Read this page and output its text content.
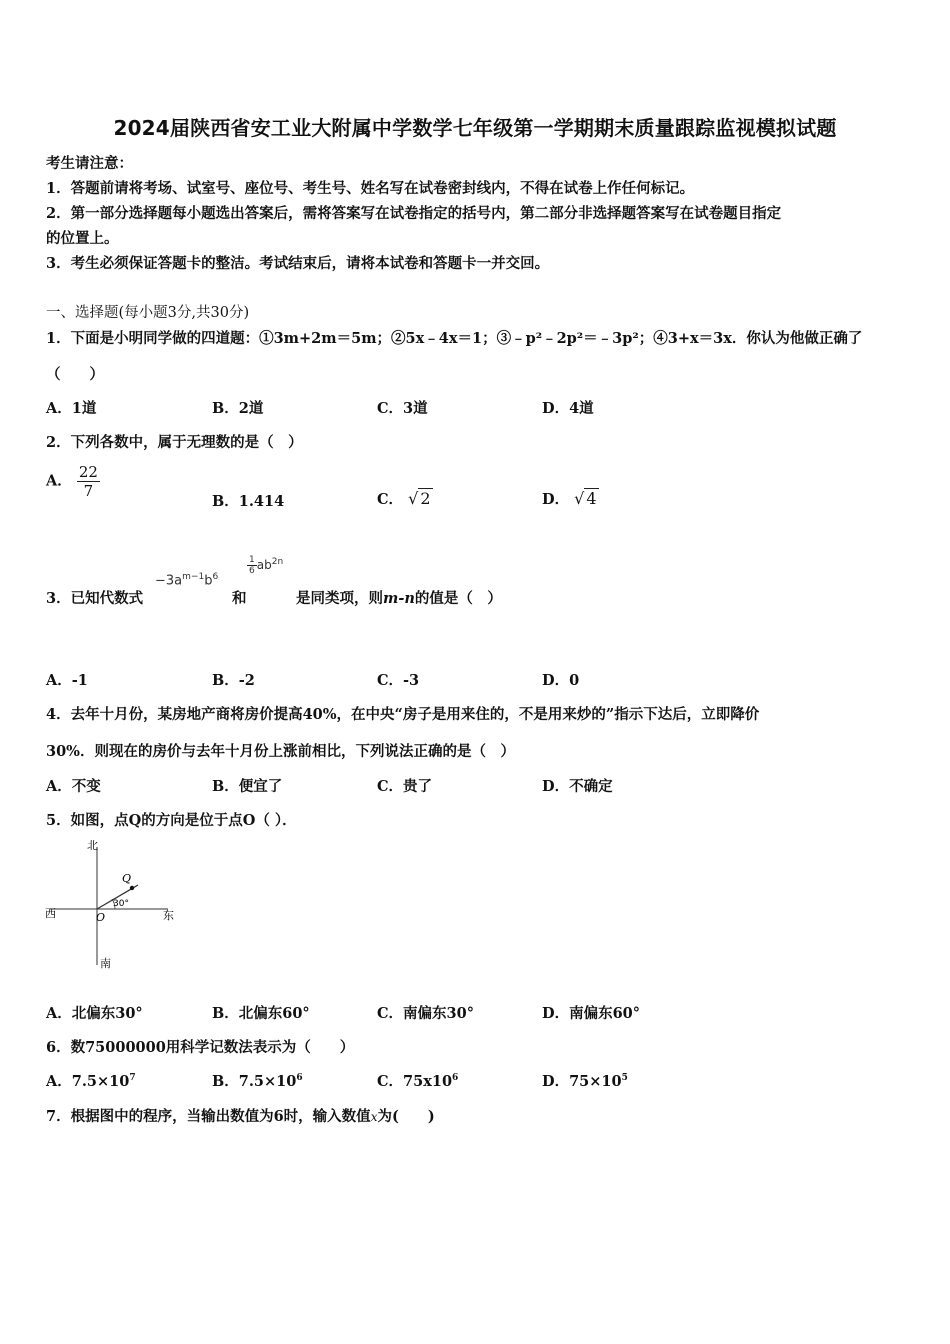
2024届陕西省安工业大附属中学数学七年级第一学期期末质量跟踪监视模拟试题
考生请注意：
1．答题前请将考场、试室号、座位号、考生号、姓名写在试卷密封线内，不得在试卷上作任何标记。
2．第一部分选择题每小题选出答案后，需将答案写在试卷指定的括号内，第二部分非选择题答案写在试卷题目指定
的位置上。
3．考生必须保证答题卡的整洁。考试结束后，请将本试卷和答题卡一并交回。
一、选择题(每小题3分,共30分)
1．下面是小明同学做的四道题：①3m+2m＝5m；②5x﹣4x＝1；③﹣p²﹣2p²＝﹣3p²；④3+x＝3x．你认为他做正确了
（　　）
A．1道	B．2道	C．3道	D．4道
2．下列各数中，属于无理数的是（　）
A． $\frac{22}{7}$
B．1.414	C． √ 2	D． √ 4
3．已知代数式
$-3a^{m-1}b^6$
和
$\frac{1}{6} ab^{2n}$
是同类项，则m-n的值是（　）
A．-1	B．-2	C．-3	D．0
4．去年十月份，某房地产商将房价提高40%，在中央“房子是用来住的，不是用来炒的”指示下达后，立即降价
30%．则现在的房价与去年十月份上涨前相比，下列说法正确的是（　）
A．不变	B．便宜了	C．贵了	D．不确定
5．如图，点Q的方向是位于点O（ ）．
北
南
西	东
O
Q
30°
A．北偏东30°	B．北偏东60°	C．南偏东30°	D．南偏东60°
6．数75000000用科学记数法表示为（　　）
A．$7.5\times 10^7$	B．$7.5\times 10^6$	C．$75x10^6$	D．$75\times 10^5$
7．根据图中的程序，当输出数值为6时，输入数值x为(　　)
